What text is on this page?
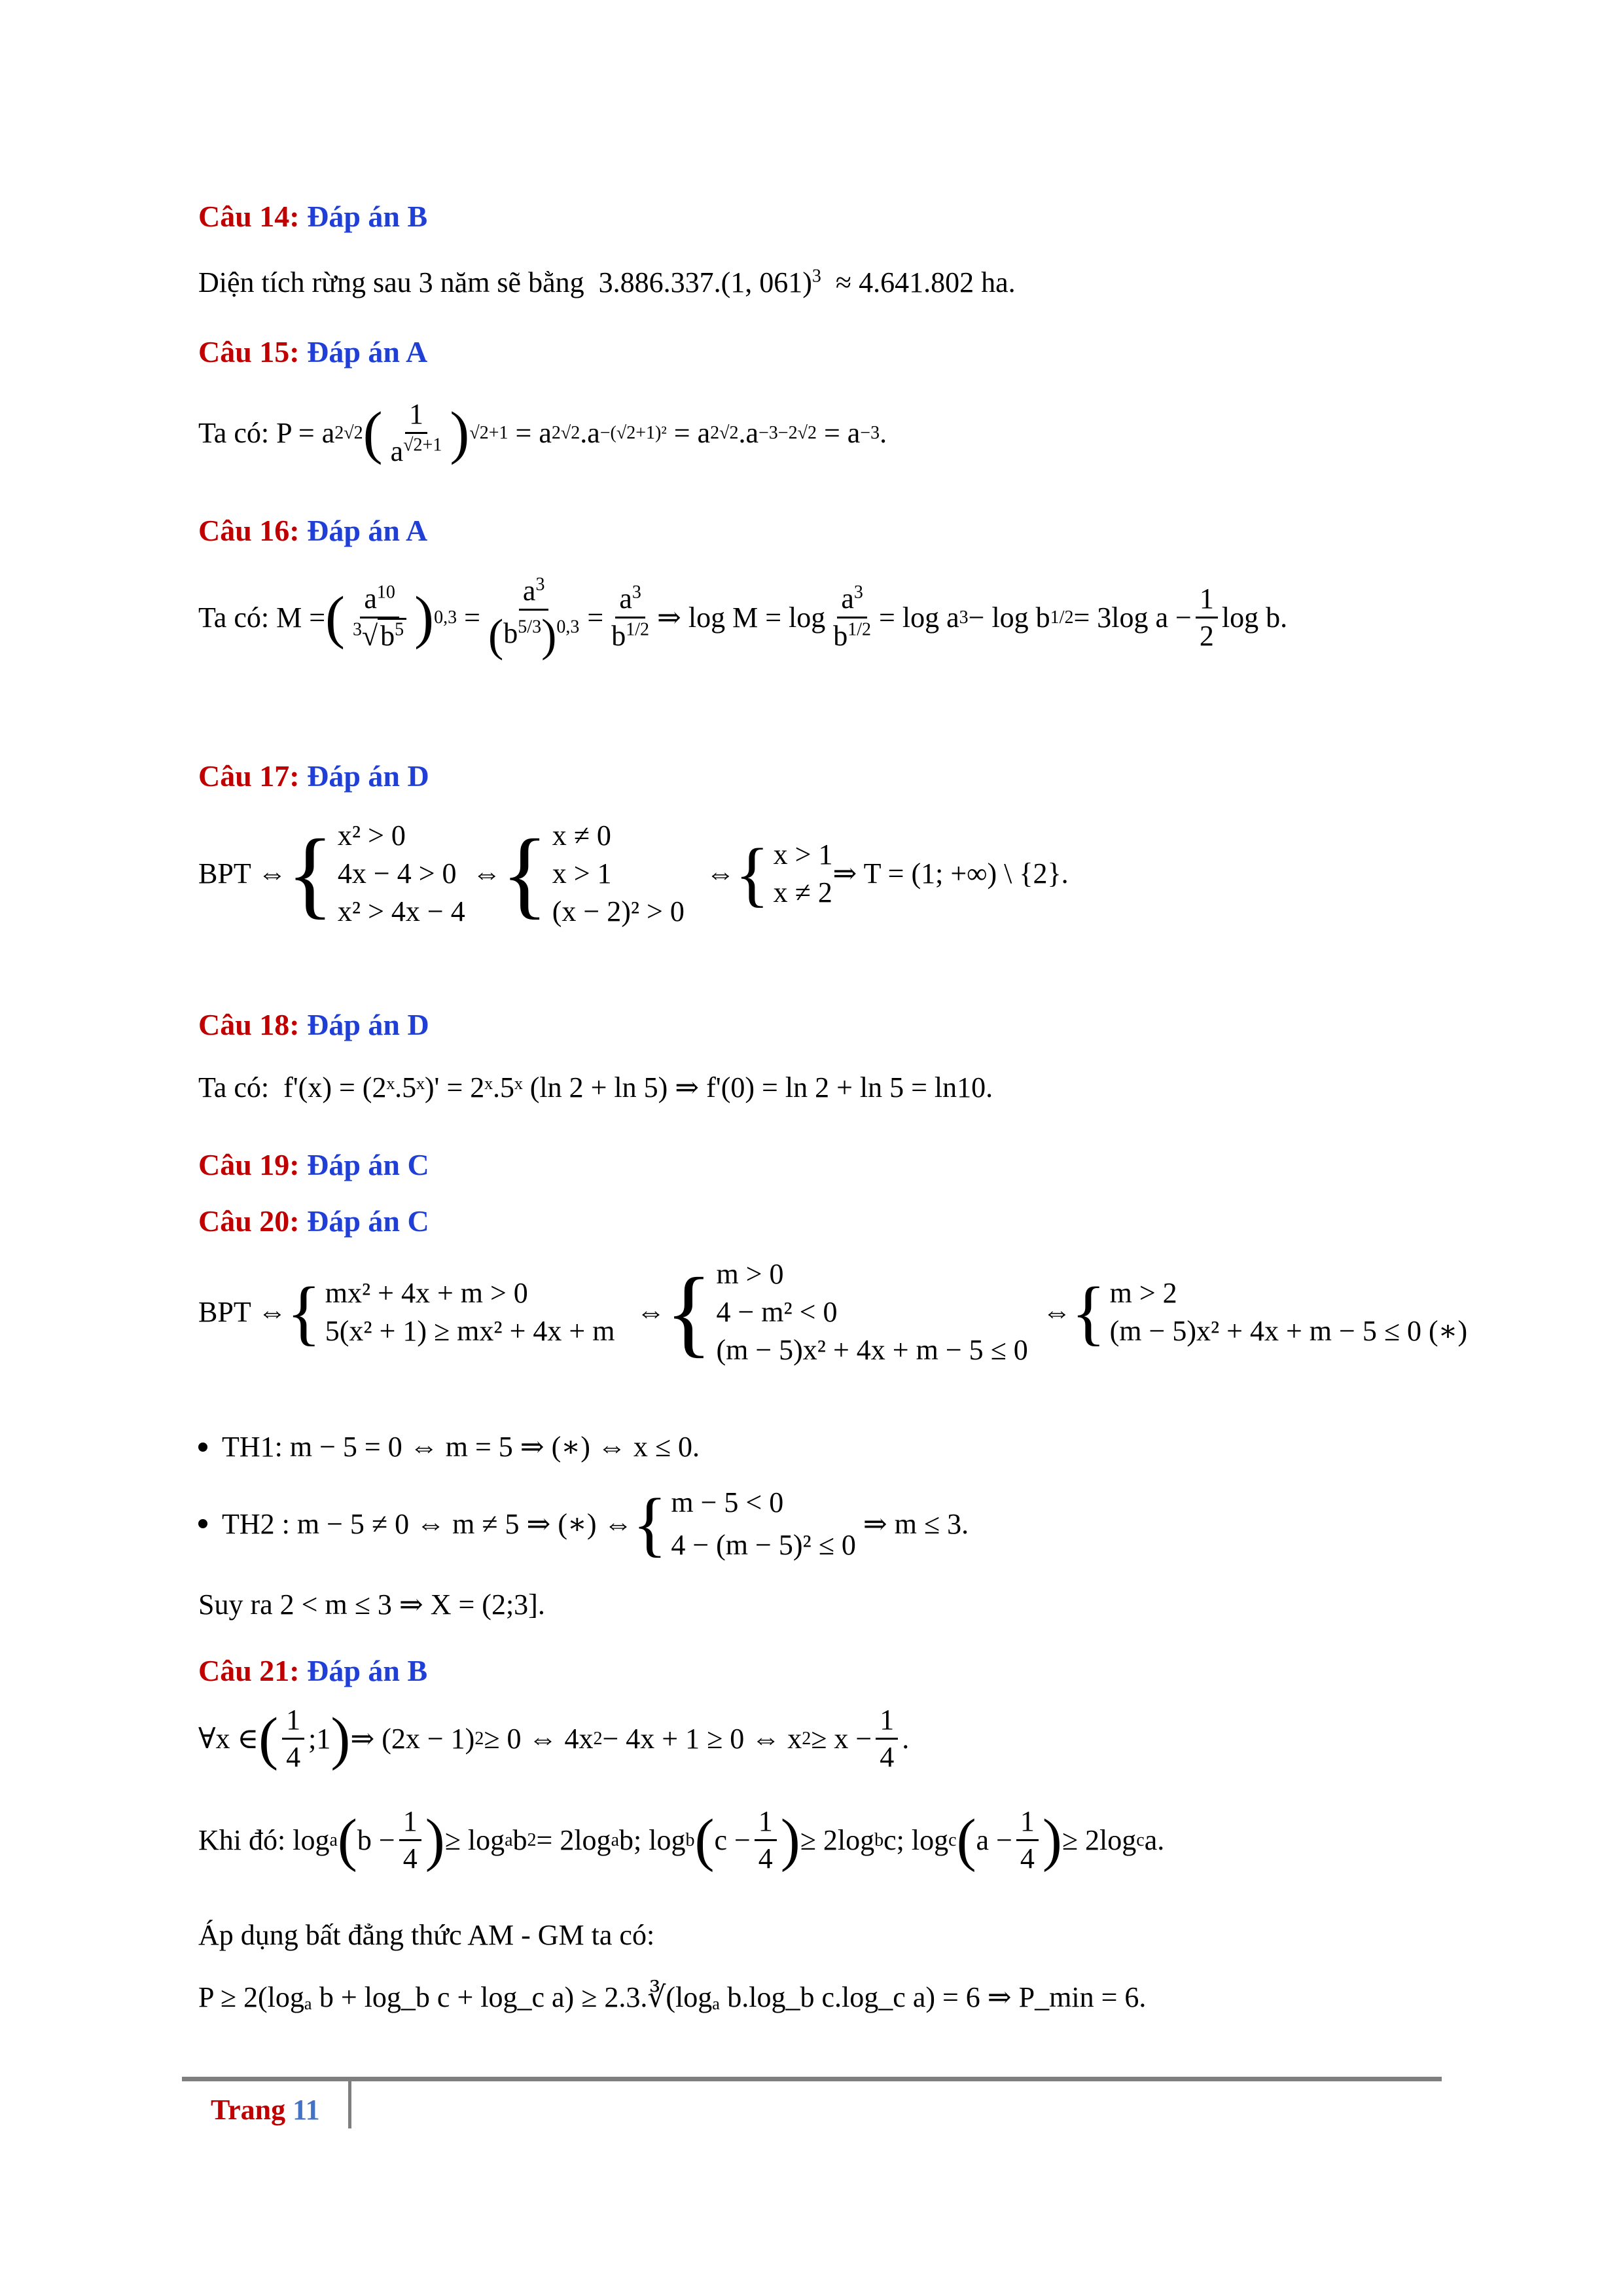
Câu 14: Đáp án B
Diện tích rừng sau 3 năm sẽ bằng 3.886.337.(1, 061)$^3$ ≈ 4.641.802 ha.
Câu 15: Đáp án A
Ta có:
P = a 2√2 ( $\frac{1}{a^{√2+1}}$ ) √2+1 = a 2√2 .a −(√2+1)² = a 2√2 .a −3−2√2 = a −3 .
Câu 16: Đáp án A
Ta có:
M = ( $\frac{a^{10}}{^3√b^5}$ ) $0,3 = \frac{a^3}{(b^{5/3})^{0,3}} = \frac{a^3}{b^{1/2}}$ ⇒ $\log M = \log \frac{a^3}{b^{1/2}} = \log a$ 3 − log b 1/2 = 3log $a - \frac{1}{2}$ log b.
Câu 17: Đáp án D
BPT ⇔ { x² > 0
4x − 4 > 0
x² > 4x − 4
⇔ { x ≠ 0
x > 1
(x − 2)² > 0
⇔ { x > 1
x ≠ 2
⇒ T = (1; +∞) \ {2}.
Câu 18: Đáp án D
Ta có: f'(x) = (2ˣ.5ˣ)' = 2ˣ.5ˣ (ln 2 + ln 5) ⇒ f'(0) = ln 2 + ln 5 = ln10.
Câu 19: Đáp án C
Câu 20: Đáp án C
BPT ⇔ { mx² + 4x + m > 0
5(x² + 1) ≥ mx² + 4x + m
⇔ { m > 0
4 − m² < 0
(m − 5)x² + 4x + m − 5 ≤ 0
⇔ { m > 2
(m − 5)x² + 4x + m − 5 ≤ 0 (∗)
TH1:
m − 5 = 0 ⇔ m = 5 ⇒ (∗) ⇔ x ≤ 0.
TH2 :
m − 5 ≠ 0 ⇔ m ≠ 5 ⇒ (∗) ⇔ { m − 5 < 0
4 − (m − 5)² ≤ 0

⇒ m ≤ 3.
Suy ra 2 < m ≤ 3 ⇒ X = (2;3].
Câu 21: Đáp án B
∀x ∈ ( $\frac{1}{4}$ ;1 ) ⇒ (2x − 1) 2 ≥ 0 ⇔ 4x 2 − 4x + 1 ≥ 0 ⇔ x $2 \ge x - \frac{1}{4}$ .
Khi đó:
log a ( $b - \frac{1}{4}$ ) ≥ log a b 2 = 2log a b; log b ( $c - \frac{1}{4}$ ) ≥ 2log b c; log c ( $a - \frac{1}{4}$ ) ≥ 2log c a.
Áp dụng bất đẳng thức AM - GM ta có:
P ≥ 2(logₐ b + log_b c + log_c a) ≥ 2.3.∛(logₐ b.log_b c.log_c a) = 6 ⇒ P_min = 6.
Trang 11
